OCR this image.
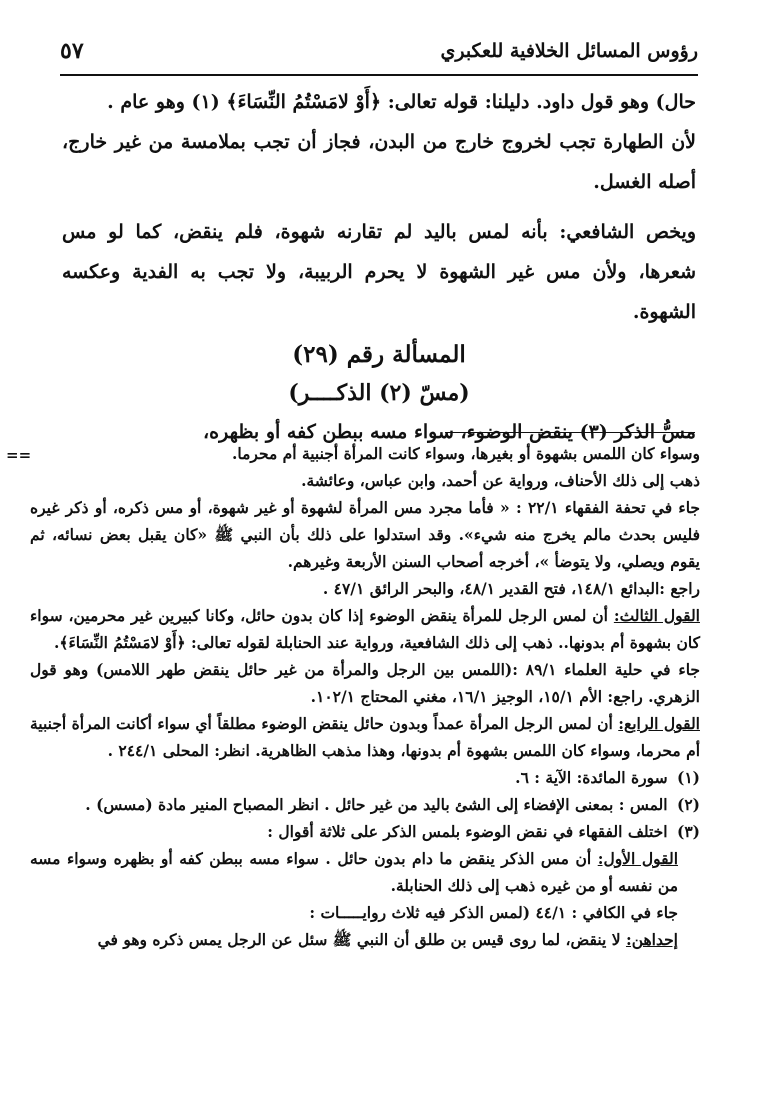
رؤوس المسائل الخلافية للعكبري
٥٧

حال) وهو قول داود. دليلنا: قوله تعالى: ﴿أَوْ لامَسْتُمُ النِّسَاءَ﴾ (١) وهو عام .

لأن الطهارة تجب لخروج خارج من البدن، فجاز أن تجب بملامسة من غير خارج، أصله الغسل.

ويخص الشافعي: بأنه لمس باليد لم تقارنه شهوة، فلم ينقض، كما لو مس شعرها، ولأن مس غير الشهوة لا يحرم الربيبة، ولا تجب به الفدية وعكسه الشهوة.

المسألة رقم (٢٩)
(مسّ (٢) الذكــــر)

مسُّ الذكر (٣) ينقض الوضوء، سواء مسه ببطن كفه أو بظهره،

==	وسواء كان اللمس بشهوة أو بغيرها، وسواء كانت المرأة أجنبية أم محرما.

ذهب إلى ذلك الأحناف، ورواية عن أحمد، وابن عباس، وعائشة.

جاء في تحفة الفقهاء ٢٢/١ : « فأما مجرد مس المرأة لشهوة أو غير شهوة، أو مس ذكره، أو ذكر غيره فليس بحدث مالم يخرج منه شيء». وقد استدلوا على ذلك بأن النبي ﷺ «كان يقبل بعض نسائه، ثم يقوم ويصلي، ولا يتوضأ »، أخرجه أصحاب السنن الأربعة وغيرهم.

راجع :البدائع ١٤٨/١، فتح القدير ٤٨/١، والبحر الرائق ٤٧/١ .

القول الثالث: أن لمس الرجل للمرأة ينقض الوضوء إذا كان بدون حائل، وكانا كبيرين غير محرمين، سواء كان بشهوة أم بدونها.. ذهب إلى ذلك الشافعية، ورواية عند الحنابلة لقوله تعالى: ﴿أَوْ لامَسْتُمُ النِّسَاءَ﴾.

جاء في حلية العلماء ٨٩/١ :(اللمس بين الرجل والمرأة من غير حائل ينقض طهر اللامس) وهو قول الزهري. راجع: الأم ١٥/١، الوجيز ١٦/١، مغني المحتاج ١٠٢/١.

القول الرابع: أن لمس الرجل المرأة عمداً وبدون حائل ينقض الوضوء مطلقاً أي سواء أكانت المرأة أجنبية أم محرما، وسواء كان اللمس بشهوة أم بدونها، وهذا مذهب الظاهرية. انظر: المحلى ٢٤٤/١ .

(١) سورة المائدة: الآية : ٦.

(٢) المس : بمعنى الإفضاء إلى الشئ باليد من غير حائل . انظر المصباح المنير مادة (مسس) .

(٣) اختلف الفقهاء في نقض الوضوء بلمس الذكر على ثلاثة أقوال :

القول الأول: أن مس الذكر ينقض ما دام بدون حائل . سواء مسه ببطن كفه أو بظهره وسواء مسه من نفسه أو من غيره ذهب إلى ذلك الحنابلة.

جاء في الكافي : ٤٤/١ (لمس الذكر فيه ثلاث روايـــــات :

إحداهن: لا ينقض، لما روى قيس بن طلق أن النبي ﷺ سئل عن الرجل يمس ذكره وهو في
